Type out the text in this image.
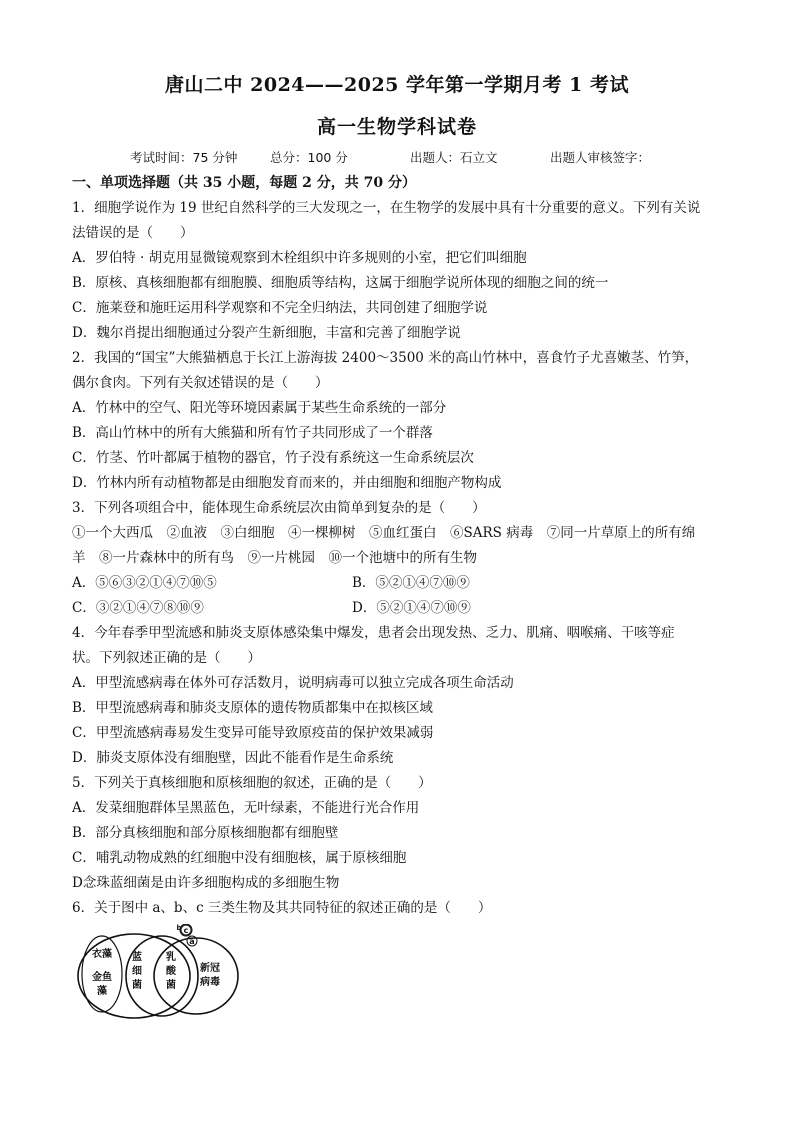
唐山二中 2024——2025 学年第一学期月考 1 考试
高一生物学科试卷
考试时间：75 分钟	总分：100 分	出题人：石立文	出题人审核签字：
一、单项选择题（共 35 小题，每题 2 分，共 70 分）
1．细胞学说作为 19 世纪自然科学的三大发现之一，在生物学的发展中具有十分重要的意义。下列有关说
法错误的是（　　）
A．罗伯特 · 胡克用显微镜观察到木栓组织中许多规则的小室，把它们叫细胞
B．原核、真核细胞都有细胞膜、细胞质等结构，这属于细胞学说所体现的细胞之间的统一
C．施莱登和施旺运用科学观察和不完全归纳法，共同创建了细胞学说
D．魏尔肖提出细胞通过分裂产生新细胞，丰富和完善了细胞学说
2．我国的“国宝”大熊猫栖息于长江上游海拔 2400～3500 米的高山竹林中，喜食竹子尤喜嫩茎、竹笋，
偶尔食肉。下列有关叙述错误的是（　　）
A．竹林中的空气、阳光等环境因素属于某些生命系统的一部分
B．高山竹林中的所有大熊猫和所有竹子共同形成了一个群落
C．竹茎、竹叶都属于植物的器官，竹子没有系统这一生命系统层次
D．竹林内所有动植物都是由细胞发育而来的，并由细胞和细胞产物构成
3．下列各项组合中，能体现生命系统层次由简单到复杂的是（　　）
①一个大西瓜　②血液　③白细胞　④一棵柳树　⑤血红蛋白　⑥SARS 病毒　⑦同一片草原上的所有绵
羊　⑧一片森林中的所有鸟　⑨一片桃园　⑩一个池塘中的所有生物
A．⑤⑥③②①④⑦⑩⑤	B．⑤②①④⑦⑩⑨
C．③②①④⑦⑧⑩⑨	D．⑤②①④⑦⑩⑨
4．今年春季甲型流感和肺炎支原体感染集中爆发，患者会出现发热、乏力、肌痛、咽喉痛、干咳等症
状。下列叙述正确的是（　　）
A．甲型流感病毒在体外可存活数月，说明病毒可以独立完成各项生命活动
B．甲型流感病毒和肺炎支原体的遗传物质都集中在拟核区域
C．甲型流感病毒易发生变异可能导致原疫苗的保护效果减弱
D．肺炎支原体没有细胞壁，因此不能看作是生命系统
5．下列关于真核细胞和原核细胞的叙述，正确的是（　　）
A．发菜细胞群体呈黑蓝色，无叶绿素，不能进行光合作用
B．部分真核细胞和部分原核细胞都有细胞壁
C．哺乳动物成熟的红细胞中没有细胞核，属于原核细胞
D念珠蓝细菌是由许多细胞构成的多细胞生物
6．关于图中 a、b、c 三类生物及其共同特征的叙述正确的是（　　）
c
b
a
衣藻
金鱼
藻
蓝
细
菌
乳
酸
菌
新冠
病毒
